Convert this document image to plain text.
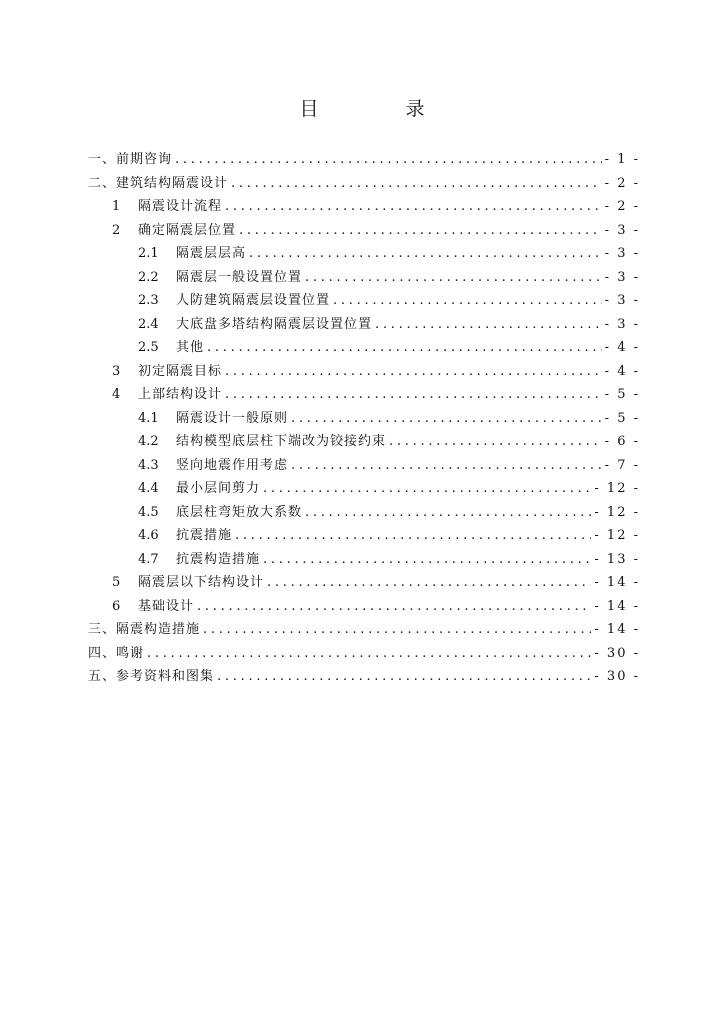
目　录
一、前期咨询 . . .	- 1 -
二、建筑结构隔震设计 . . .	- 2 -
1	隔震设计流程 . . .	- 2 -
2	确定隔震层位置 . . .	- 3 -
2.1	隔震层层高 . . .	- 3 -
2.2	隔震层一般设置位置 . . .	- 3 -
2.3	人防建筑隔震层设置位置 . . .	- 3 -
2.4	大底盘多塔结构隔震层设置位置 . . .	- 3 -
2.5	其他 . . .	- 4 -
3	初定隔震目标 . . .	- 4 -
4	上部结构设计 . . .	- 5 -
4.1	隔震设计一般原则 . . .	- 5 -
4.2	结构模型底层柱下端改为铰接约束 . . .	- 6 -
4.3	竖向地震作用考虑 . . .	- 7 -
4.4	最小层间剪力 . . .	- 12 -
4.5	底层柱弯矩放大系数 . . .	- 12 -
4.6	抗震措施 . . .	- 12 -
4.7	抗震构造措施 . . .	- 13 -
5	隔震层以下结构设计 . . .	- 14 -
6	基础设计 . . .	- 14 -
三、隔震构造措施 . . .	- 14 -
四、鸣谢 . . .	- 30 -
五、参考资料和图集 . . .	- 30 -
